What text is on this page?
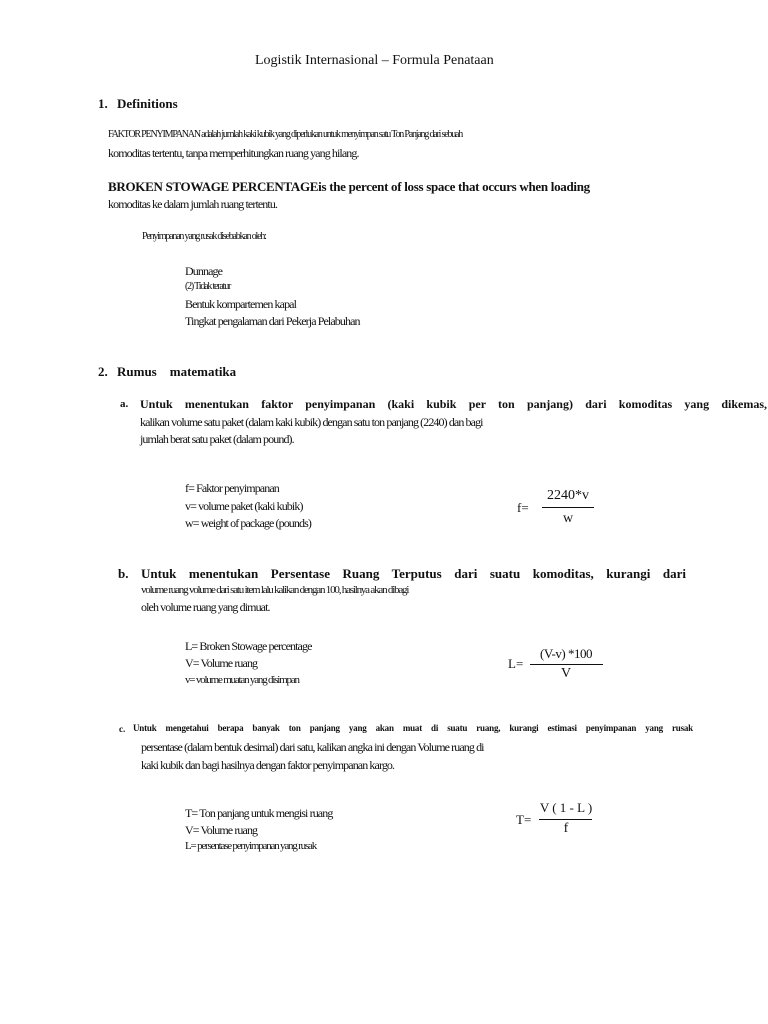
Logistik Internasional – Formula Penataan
1. Definitions
FAKTOR PENYIMPANAN adalah jumlah kaki kubik yang diperlukan untuk menyimpan satu Ton Panjang dari sebuah
komoditas tertentu, tanpa memperhitungkan ruang yang hilang.
BROKEN STOWAGE PERCENTAGEis the percent of loss space that occurs when loading
komoditas ke dalam jumlah ruang tertentu.
Penyimpanan yang rusak disebabkan oleh:
Dunnage
(2) Tidak teratur
Bentuk kompartemen kapal
Tingkat pengalaman dari Pekerja Pelabuhan
2. Rumus    matematika
a. Untuk menentukan faktor penyimpanan (kaki kubik per ton panjang) dari komoditas yang dikemas,
kalikan volume satu paket (dalam kaki kubik) dengan satu ton panjang (2240) dan bagi
jumlah berat satu paket (dalam pound).
f= Faktor penyimpanan
v= volume paket (kaki kubik)
w= weight of package (pounds)
f=
2240*v
w
b. Untuk menentukan Persentase Ruang Terputus dari suatu komoditas, kurangi dari
volume ruang volume dari satu item lalu kalikan dengan 100, hasilnya akan dibagi
oleh volume ruang yang dimuat.
L= Broken Stowage percentage
V= Volume ruang
v= volume muatan yang disimpan
L=
(V-v) *100
V
c. Untuk mengetahui berapa banyak ton panjang yang akan muat di suatu ruang, kurangi estimasi penyimpanan yang rusak
persentase (dalam bentuk desimal) dari satu, kalikan angka ini dengan Volume ruang di
kaki kubik dan bagi hasilnya dengan faktor penyimpanan kargo.
T= Ton panjang untuk mengisi ruang
V= Volume ruang
L= persentase penyimpanan yang rusak
T=
V ( 1 - L )
f
